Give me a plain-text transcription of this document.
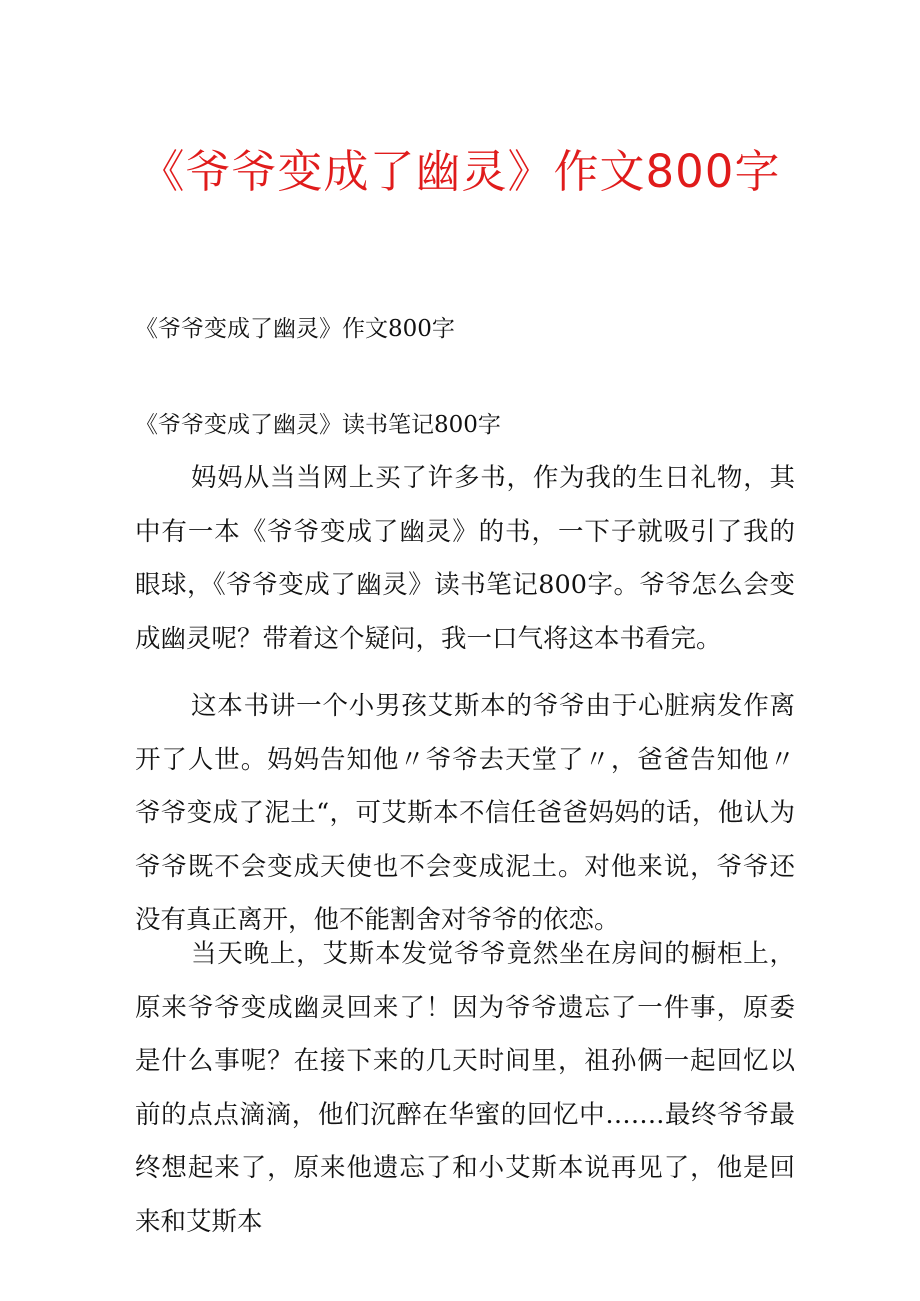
《爷爷变成了幽灵》作文800字
《爷爷变成了幽灵》作文800字
《爷爷变成了幽灵》读书笔记800字
妈妈从当当网上买了许多书，作为我的生日礼物，其中有一本《爷爷变成了幽灵》的书，一下子就吸引了我的眼球，《爷爷变成了幽灵》读书笔记800字。爷爷怎么会变成幽灵呢？带着这个疑问，我一口气将这本书看完。
这本书讲一个小男孩艾斯本的爷爷由于心脏病发作离开了人世。妈妈告知他〃爷爷去天堂了〃，爸爸告知他〃爷爷变成了泥土“，可艾斯本不信任爸爸妈妈的话，他认为爷爷既不会变成天使也不会变成泥土。对他来说，爷爷还没有真正离开，他不能割舍对爷爷的依恋。
当天晚上，艾斯本发觉爷爷竟然坐在房间的橱柜上，原来爷爷变成幽灵回来了！因为爷爷遗忘了一件事，原委是什么事呢？在接下来的几天时间里，祖孙俩一起回忆以前的点点滴滴，他们沉醉在华蜜的回忆中…….最终爷爷最终想起来了，原来他遗忘了和小艾斯本说再见了，他是回来和艾斯本
